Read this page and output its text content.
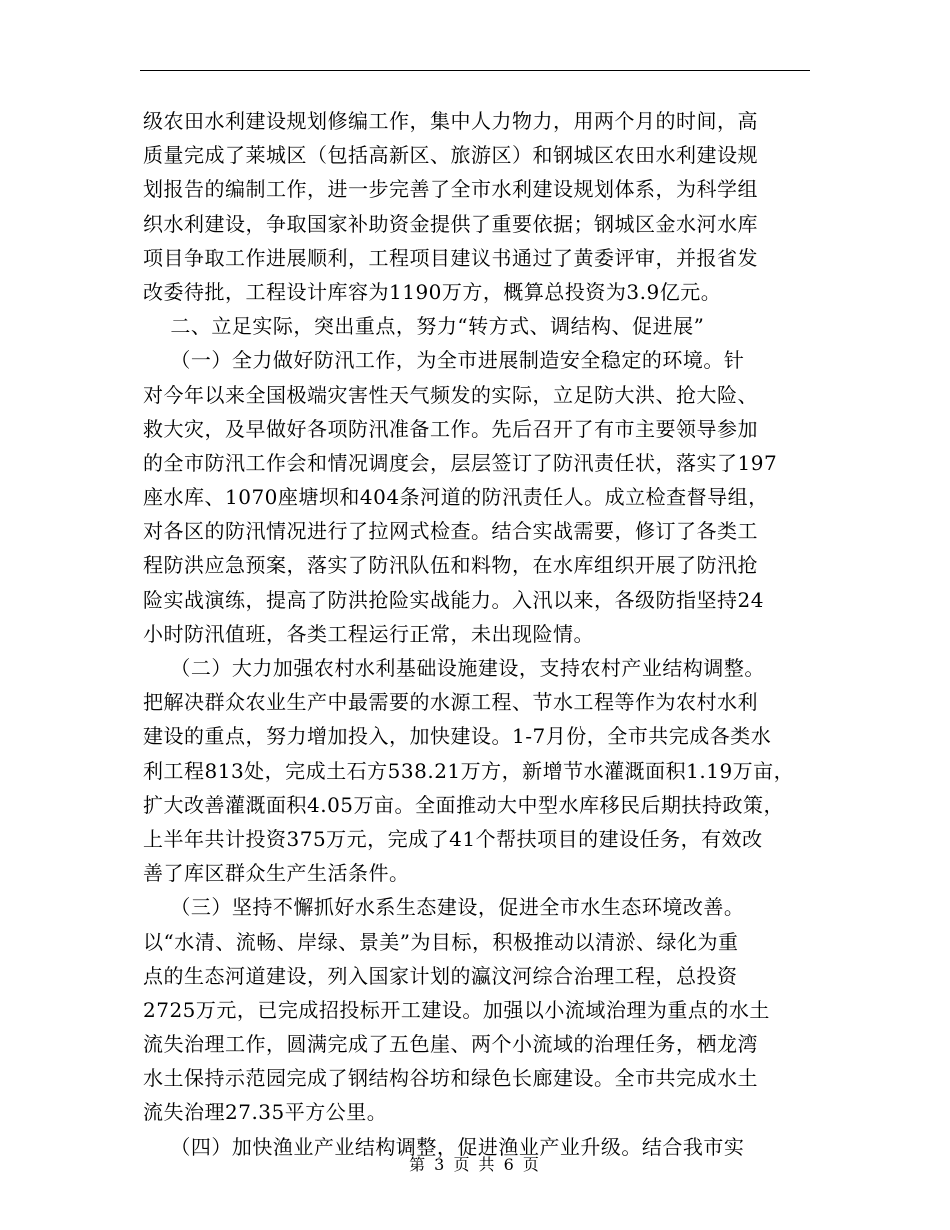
级农田水利建设规划修编工作，集中人力物力，用两个月的时间，高
质量完成了莱城区（包括高新区、旅游区）和钢城区农田水利建设规
划报告的编制工作，进一步完善了全市水利建设规划体系，为科学组
织水利建设，争取国家补助资金提供了重要依据；钢城区金水河水库
项目争取工作进展顺利，工程项目建议书通过了黄委评审，并报省发
改委待批，工程设计库容为1190万方，概算总投资为3.9亿元。
二、立足实际，突出重点，努力“转方式、调结构、促进展”
（一）全力做好防汛工作，为全市进展制造安全稳定的环境。针
对今年以来全国极端灾害性天气频发的实际，立足防大洪、抢大险、
救大灾，及早做好各项防汛准备工作。先后召开了有市主要领导参加
的全市防汛工作会和情况调度会，层层签订了防汛责任状，落实了197
座水库、1070座塘坝和404条河道的防汛责任人。成立检查督导组，
对各区的防汛情况进行了拉网式检查。结合实战需要，修订了各类工
程防洪应急预案，落实了防汛队伍和料物，在水库组织开展了防汛抢
险实战演练，提高了防洪抢险实战能力。入汛以来，各级防指坚持24
小时防汛值班，各类工程运行正常，未出现险情。
（二）大力加强农村水利基础设施建设，支持农村产业结构调整。
把解决群众农业生产中最需要的水源工程、节水工程等作为农村水利
建设的重点，努力增加投入，加快建设。1-7月份，全市共完成各类水
利工程813处，完成土石方538.21万方，新增节水灌溉面积1.19万亩，
扩大改善灌溉面积4.05万亩。全面推动大中型水库移民后期扶持政策，
上半年共计投资375万元，完成了41个帮扶项目的建设任务，有效改
善了库区群众生产生活条件。
（三）坚持不懈抓好水系生态建设，促进全市水生态环境改善。
以“水清、流畅、岸绿、景美”为目标，积极推动以清淤、绿化为重
点的生态河道建设，列入国家计划的瀛汶河综合治理工程，总投资
2725万元，已完成招投标开工建设。加强以小流域治理为重点的水土
流失治理工作，圆满完成了五色崖、两个小流域的治理任务，栖龙湾
水土保持示范园完成了钢结构谷坊和绿色长廊建设。全市共完成水土
流失治理27.35平方公里。
（四）加快渔业产业结构调整，促进渔业产业升级。结合我市实
第 3 页 共 6 页
